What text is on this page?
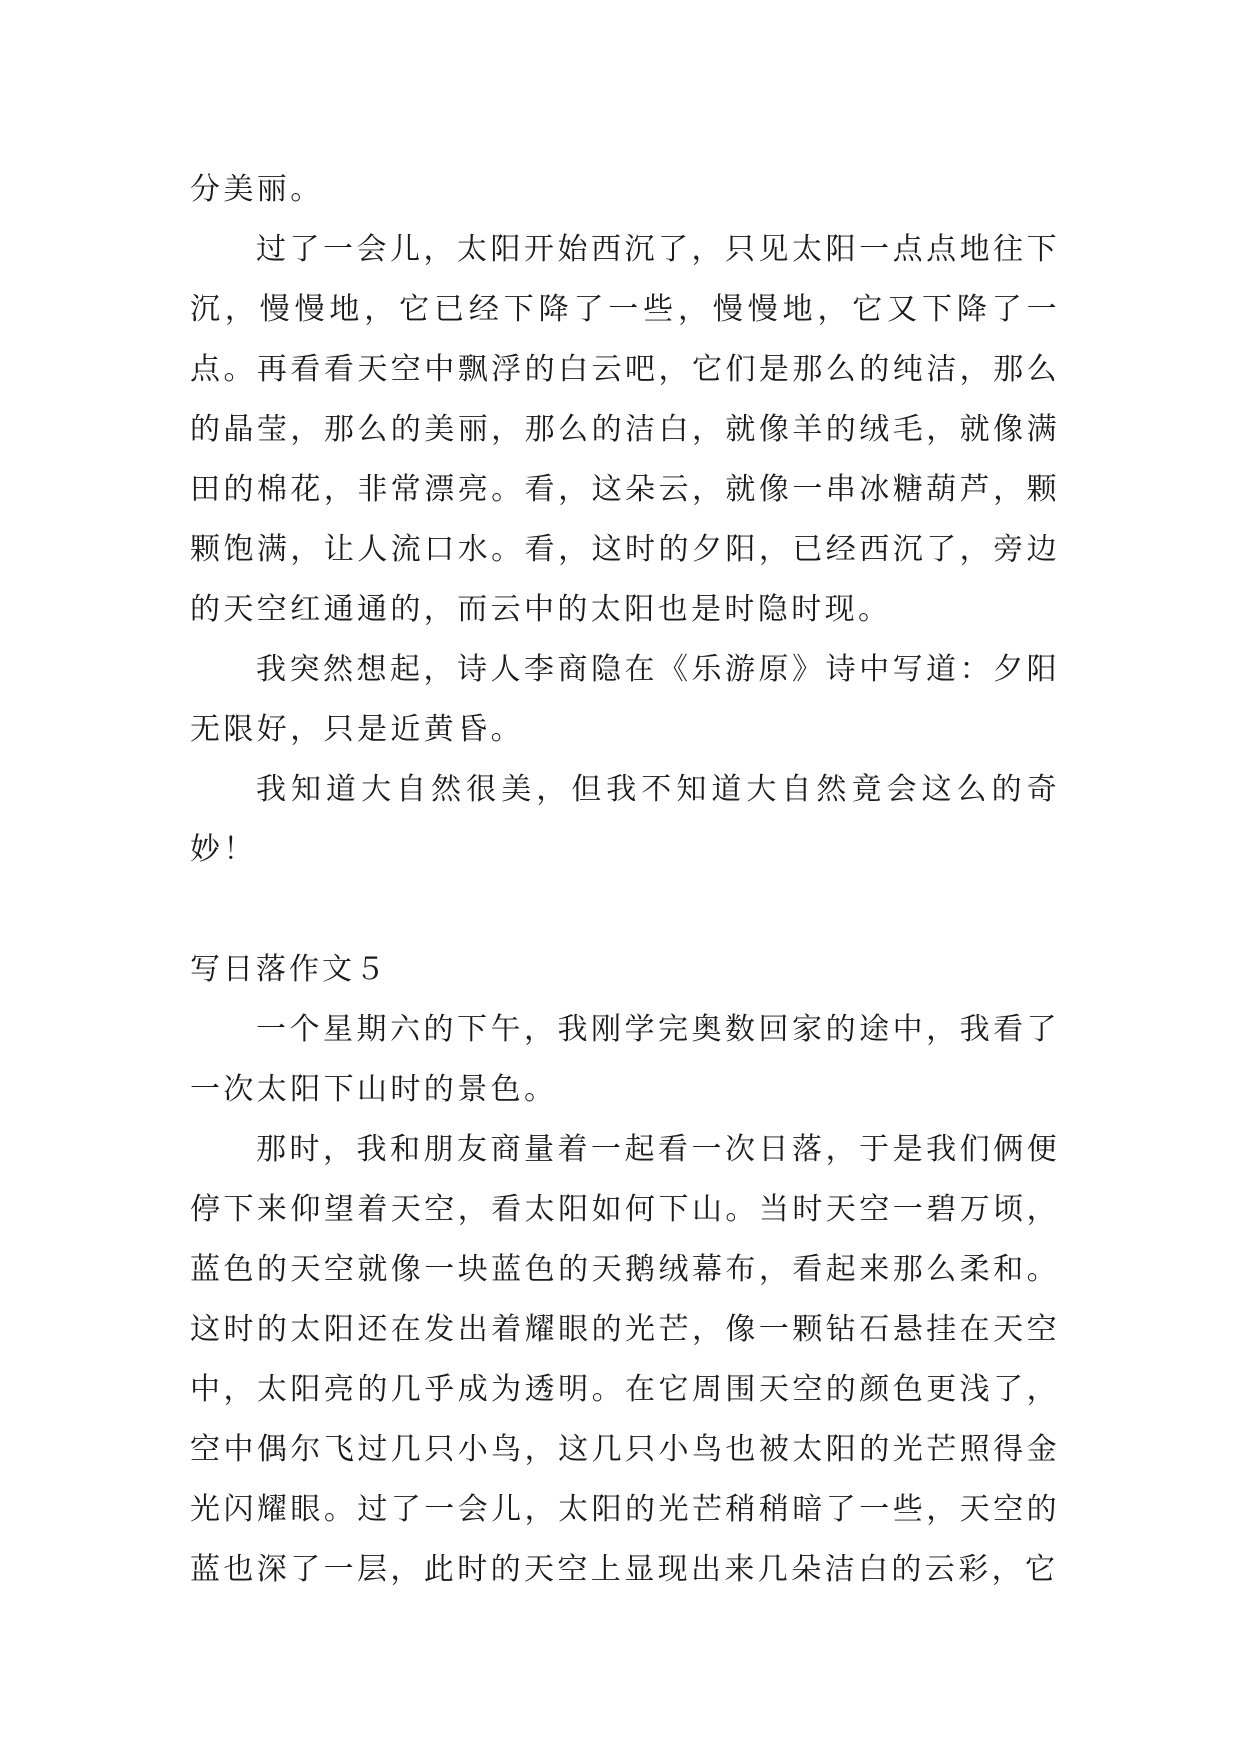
分美丽。

过了一会儿，太阳开始西沉了，只见太阳一点点地往下沉，慢慢地，它已经下降了一些，慢慢地，它又下降了一点。再看看天空中飘浮的白云吧，它们是那么的纯洁，那么的晶莹，那么的美丽，那么的洁白，就像羊的绒毛，就像满田的棉花，非常漂亮。看，这朵云，就像一串冰糖葫芦，颗颗饱满，让人流口水。看，这时的夕阳，已经西沉了，旁边的天空红通通的，而云中的太阳也是时隐时现。

我突然想起，诗人李商隐在《乐游原》诗中写道：夕阳无限好，只是近黄昏。

我知道大自然很美，但我不知道大自然竟会这么的奇妙！

写日落作文５

一个星期六的下午，我刚学完奥数回家的途中，我看了一次太阳下山时的景色。

那时，我和朋友商量着一起看一次日落，于是我们俩便停下来仰望着天空，看太阳如何下山。当时天空一碧万顷，蓝色的天空就像一块蓝色的天鹅绒幕布，看起来那么柔和。这时的太阳还在发出着耀眼的光芒，像一颗钻石悬挂在天空中，太阳亮的几乎成为透明。在它周围天空的颜色更浅了，空中偶尔飞过几只小鸟，这几只小鸟也被太阳的光芒照得金光闪耀眼。过了一会儿，太阳的光芒稍稍暗了一些，天空的蓝也深了一层，此时的天空上显现出来几朵洁白的云彩，它
